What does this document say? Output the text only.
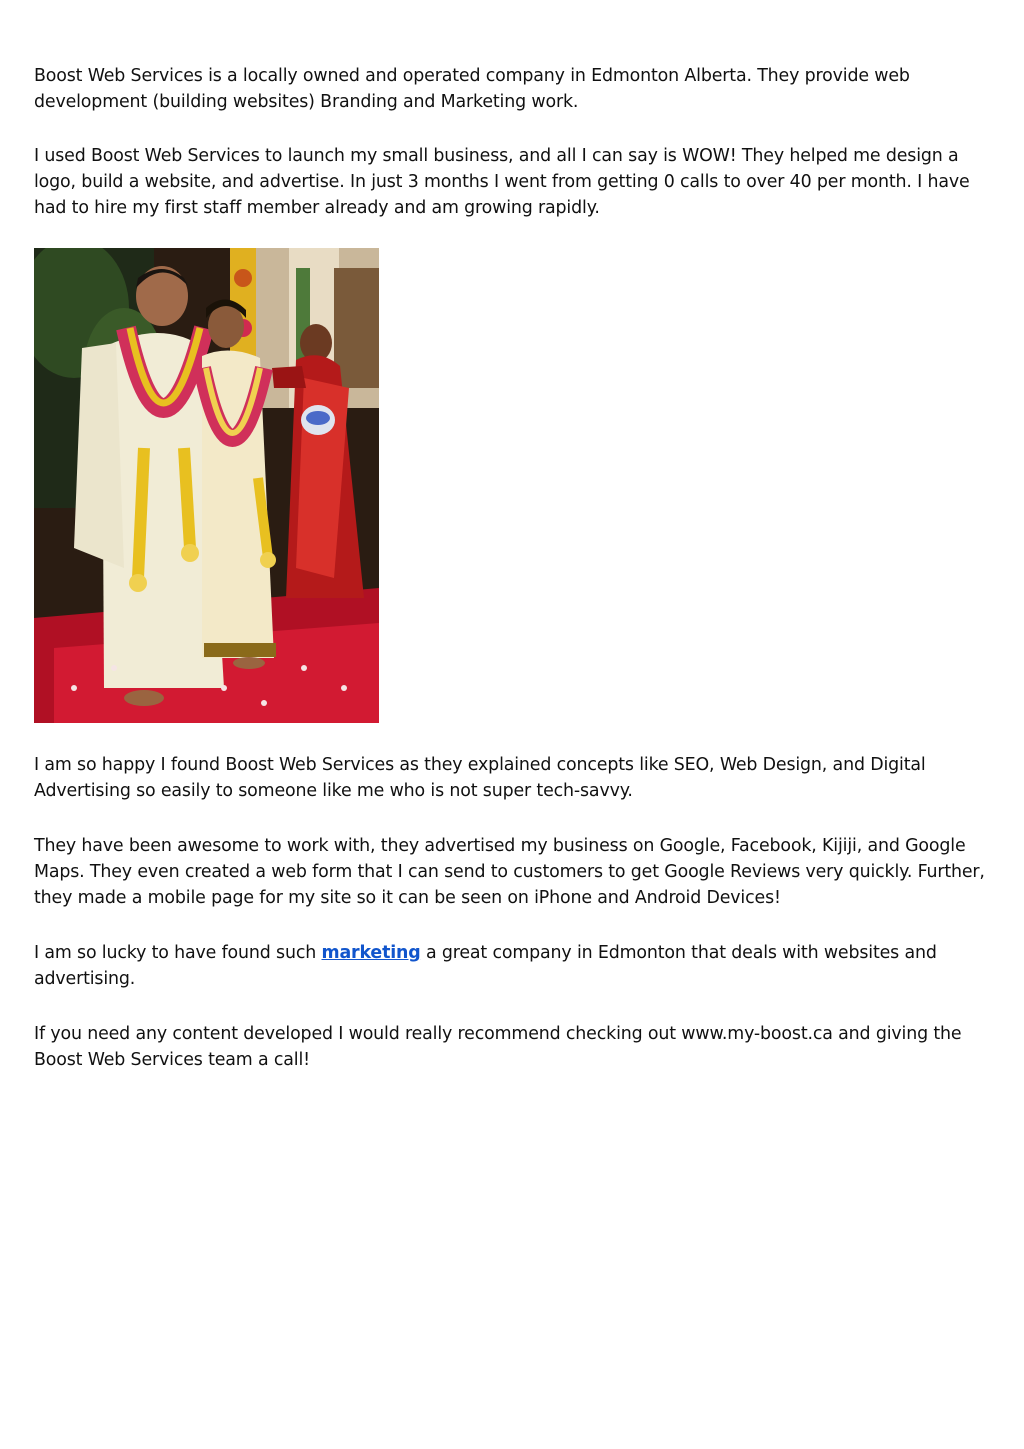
Boost Web Services is a locally owned and operated company in Edmonton Alberta. They provide web development (building websites) Branding and Marketing work.

I used Boost Web Services to launch my small business, and all I can say is WOW! They helped me design a logo, build a website, and advertise. In just 3 months I went from getting 0 calls to over 40 per month. I have had to hire my first staff member already and am growing rapidly.

I am so happy I found Boost Web Services as they explained concepts like SEO, Web Design, and Digital Advertising so easily to someone like me who is not super tech-savvy.

They have been awesome to work with, they advertised my business on Google, Facebook, Kijiji, and Google Maps. They even created a web form that I can send to customers to get Google Reviews very quickly. Further, they made a mobile page for my site so it can be seen on iPhone and Android Devices!

I am so lucky to have found such marketing a great company in Edmonton that deals with websites and advertising.

If you need any content developed I would really recommend checking out www.my-boost.ca and giving the Boost Web Services team a call!
